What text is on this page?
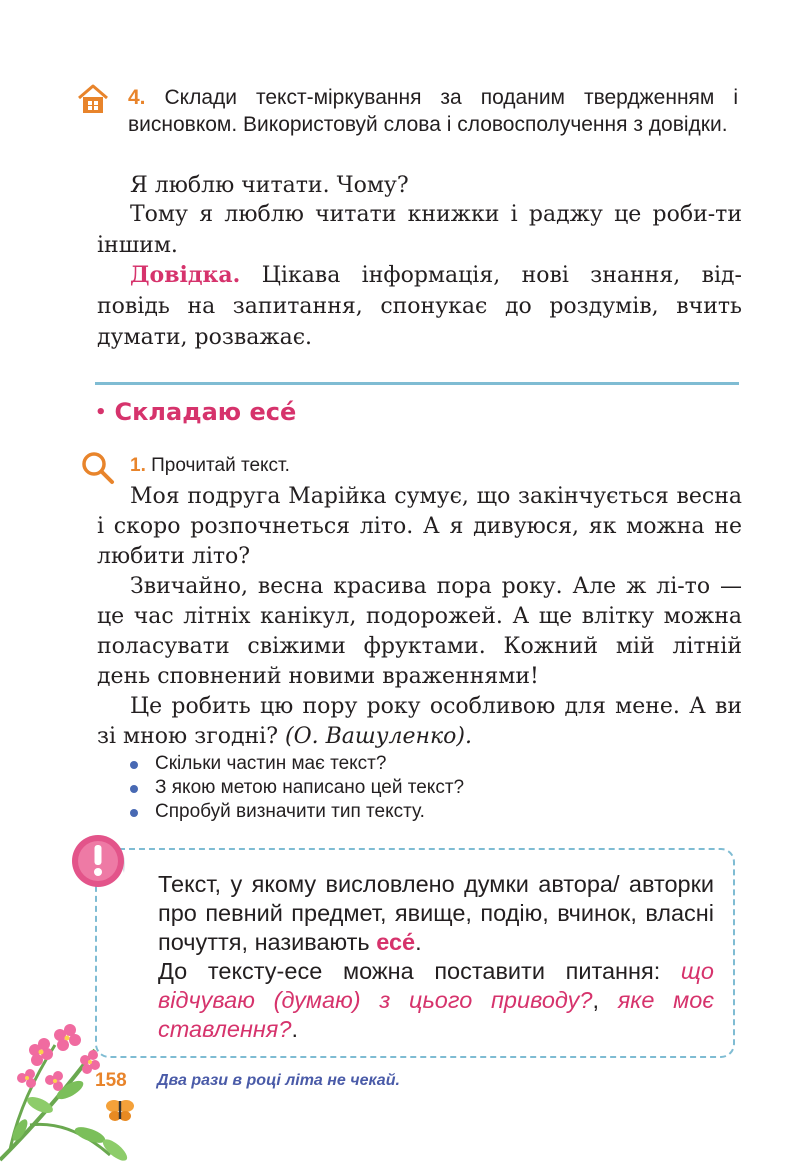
4. Склади текст-міркування за поданим твердженням і висновком. Використовуй слова і словосполучення з довідки.
Я люблю читати. Чому?
Тому я люблю читати книжки і раджу це роби-ти іншим.
Довідка. Цікава інформація, нові знання, від-повідь на запитання, спонукає до роздумів, вчить думати, розважає.
• Складаю есе́
1. Прочитай текст.

Моя подруга Марійка сумує, що закінчується весна і скоро розпочнеться літо. А я дивуюся, як можна не любити літо?

Звичайно, весна красива пора року. Але ж лі-то — це час літніх канікул, подорожей. А ще влітку можна поласувати свіжими фруктами. Кожний мій літній день сповнений новими враженнями!

Це робить цю пору року особливою для мене. А ви зі мною згодні? (О. Вашуленко).

Скільки частин має текст?
З якою метою написано цей текст?
Спробуй визначити тип тексту.
Текст, у якому висловлено думки автора/ авторки про певний предмет, явище, подію, вчинок, власні почуття, називають есе́.
До тексту-есе можна поставити питання: що відчуваю (думаю) з цього приводу?, яке моє ставлення?.
158 Два рази в році літа не чекай.
